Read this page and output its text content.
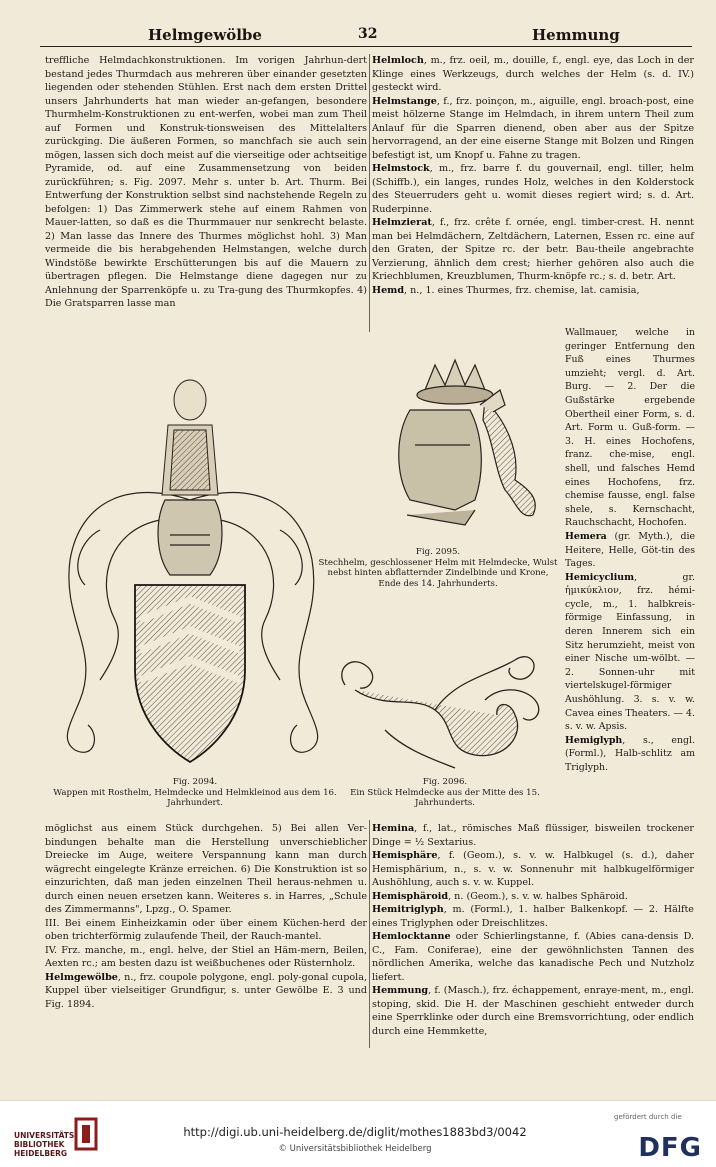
Helmgewölbe	32	Hemmung

treffliche Helmdachkonstruktionen. Im vorigen Jahrhun-dert bestand jedes Thurmdach aus mehreren über einander gesetzten liegenden oder stehenden Stühlen. Erst nach dem ersten Drittel unsers Jahrhunderts hat man wieder an-gefangen, besondere Thurmhelm-Konstruktionen zu ent-werfen, wobei man zum Theil auf Formen und Konstruk-tionsweisen des Mittelalters zurückging. Die äußeren Formen, so manchfach sie auch sein mögen, lassen sich doch meist auf die vierseitige oder achtseitige Pyramide, od. auf eine Zusammensetzung von beiden zurückführen; s. Fig. 2097. Mehr s. unter b. Art. Thurm. Bei Entwerfung der Konstruktion selbst sind nachstehende Regeln zu befolgen: 1) Das Zimmerwerk stehe auf einem Rahmen von Mauer-latten, so daß es die Thurmmauer nur senkrecht belaste. 2) Man lasse das Innere des Thurmes möglichst hohl. 3) Man vermeide die bis herabgehenden Helmstangen, welche durch Windstöße bewirkte Erschütterungen bis auf die Mauern zu übertragen pflegen. Die Helmstange diene dagegen nur zu Anlehnung der Sparrenköpfe u. zu Tra-gung des Thurmkopfes. 4) Die Gratsparren lasse man

Helmloch, m., frz. oeil, m., douille, f., engl. eye, das Loch in der Klinge eines Werkzeugs, durch welches der Helm (s. d. IV.) gesteckt wird.

Helmstange, f., frz. poinçon, m., aiguille, engl. broach-post, eine meist hölzerne Stange im Helmdach, in ihrem untern Theil zum Anlauf für die Sparren dienend, oben aber aus der Spitze hervorragend, an der eine eiserne Stange mit Bolzen und Ringen befestigt ist, um Knopf u. Fahne zu tragen.

Helmstock, m., frz. barre f. du gouvernail, engl. tiller, helm (Schiffb.), ein langes, rundes Holz, welches in den Kolderstock des Steuerruders geht u. womit dieses regiert wird; s. d. Art. Ruderpinne.

Helmzierat, f., frz. crête f. ornée, engl. timber-crest. H. nennt man bei Helmdächern, Zeltdächern, Laternen, Essen rc. eine auf den Graten, der Spitze rc. der betr. Bau-theile angebrachte Verzierung, ähnlich dem crest; hierher gehören also auch die Kriechblumen, Kreuzblumen, Thurm-knöpfe rc.; s. d. betr. Art.

Hemd, n., 1. eines Thurmes, frz. chemise, lat. camisia,

Wallmauer, welche in geringer Entfernung den Fuß eines Thurmes umzieht; vergl. d. Art. Burg. — 2. Der die Gußstärke ergebende Obertheil einer Form, s. d. Art. Form u. Guß-form. — 3. H. eines Hochofens, franz. che-mise, engl. shell, und falsches Hemd eines Hochofens, frz. chemise fausse, engl. false shele, s. Kernschacht, Rauchschacht, Hochofen.

Hemera (gr. Myth.), die Heitere, Helle, Göt-tin des Tages.

Hemicyclium, gr. ἡμικύκλιον, frz. hémi-cycle, m., 1. halbkreis-förmige Einfassung, in deren Innerem sich ein Sitz herumzieht, meist von einer Nische um-wölbt. — 2. Sonnen-uhr mit viertelskugel-förmiger Aushöhlung. 3. s. v. w. Cavea eines Theaters. — 4. s. v. w. Apsis.

Hemiglyph, s., engl. (Forml.), Halb-schlitz am Triglyph.

möglichst aus einem Stück durchgehen. 5) Bei allen Ver-bindungen behalte man die Herstellung unverschieblicher Dreiecke im Auge, weitere Verspannung kann man durch wägrecht eingelegte Kränze erreichen. 6) Die Konstruktion ist so einzurichten, daß man jeden einzelnen Theil heraus-nehmen u. durch einen neuen ersetzen kann. Weiteres s. in Harres, „Schule des Zimmermanns", Lpzg., O. Spamer.

III. Bei einem Einheizkamin oder über einem Küchen-herd der oben trichterförmig zulaufende Theil, der Rauch-mantel.

IV. Frz. manche, m., engl. helve, der Stiel an Häm-mern, Beilen, Aexten rc.; am besten dazu ist weißbuchenes oder Rüsternholz.

Helmgewölbe, n., frz. coupole polygone, engl. poly-gonal cupola, Kuppel über vielseitiger Grundfigur, s. unter Gewölbe E. 3 und Fig. 1894.

Hemina, f., lat., römisches Maß flüssiger, bisweilen trockener Dinge = ½ Sextarius.

Hemisphäre, f. (Geom.), s. v. w. Halbkugel (s. d.), daher Hemisphärium, n., s. v. w. Sonnenuhr mit halbkugelförmiger Aushöhlung, auch s. v. w. Kuppel.

Hemisphäroid, n. (Geom.), s. v. w. halbes Sphäroid.

Hemitriglyph, m. (Forml.), 1. halber Balkenkopf. — 2. Hälfte eines Triglyphen oder Dreischlitzes.

Hemlocktanne oder Schierlingstanne, f. (Abies cana-densis D. C., Fam. Coniferae), eine der gewöhnlichsten Tannen des nördlichen Amerika, welche das kanadische Pech und Nutzholz liefert.

Hemmung, f. (Masch.), frz. échappement, enraye-ment, m., engl. stoping, skid. Die H. der Maschinen geschieht entweder durch eine Sperrklinke oder durch eine Bremsvorrichtung, oder endlich durch eine Hemmkette,

Fig. 2094.
Wappen mit Rosthelm, Helmdecke und Helmkleinod aus dem 16. Jahrhundert.
Fig. 2095.
Stechhelm, geschlossener Helm mit Helmdecke, Wulst nebst hinten abflatternder Zindelbinde und Krone, Ende des 14. Jahrhunderts.
Fig. 2096.
Ein Stück Helmdecke aus der Mitte des 15. Jahrhunderts.
UNIVERSITÄTS-
BIBLIOTHEK
HEIDELBERG
http://digi.ub.uni-heidelberg.de/diglit/mothes1883bd3/0042
© Universitätsbibliothek Heidelberg
gefördert durch die
DFG
